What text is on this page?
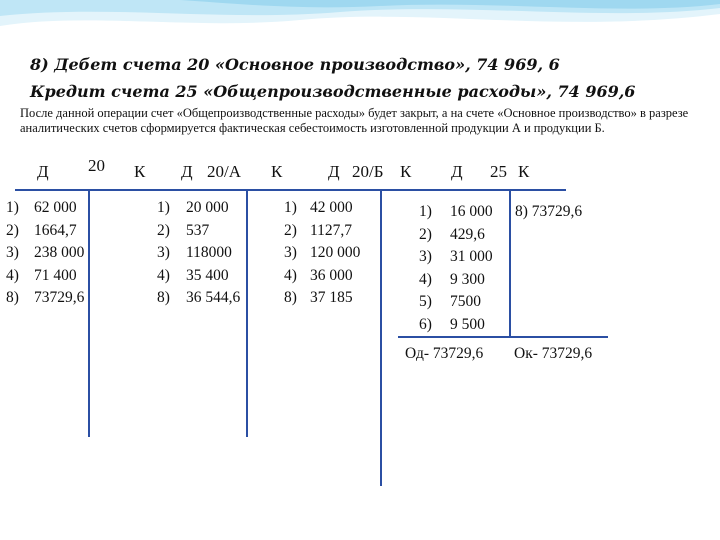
8) Дебет счета 20 «Основное производство», 74 969, 6
Кредит счета 25 «Общепроизводственные расходы», 74 969,6
После данной операции счет «Общепроизводственные расходы» будет закрыт, а на счете «Основное производство» в разрезе аналитических счетов сформируется фактическая себестоимость изготовленной продукции А и продукции Б.
Д 20 К
1)
2)
3)
4)
8)
62 000
1664,7
238 000
71 400
73729,6
Д 20/А К
1)
2)
3)
4)
8)
20 000
537
118000
35 400
36 544,6
Д 20/Б К
1)
2)
3)
4)
8)
42 000
1127,7
120 000
36 000
37 185
Д 25 К
1)
2)
3)
4)
5)
6)
16 000
429,6
31 000
9 300
7500
9 500
8) 73729,6
Од- 73729,6 Ок- 73729,6
